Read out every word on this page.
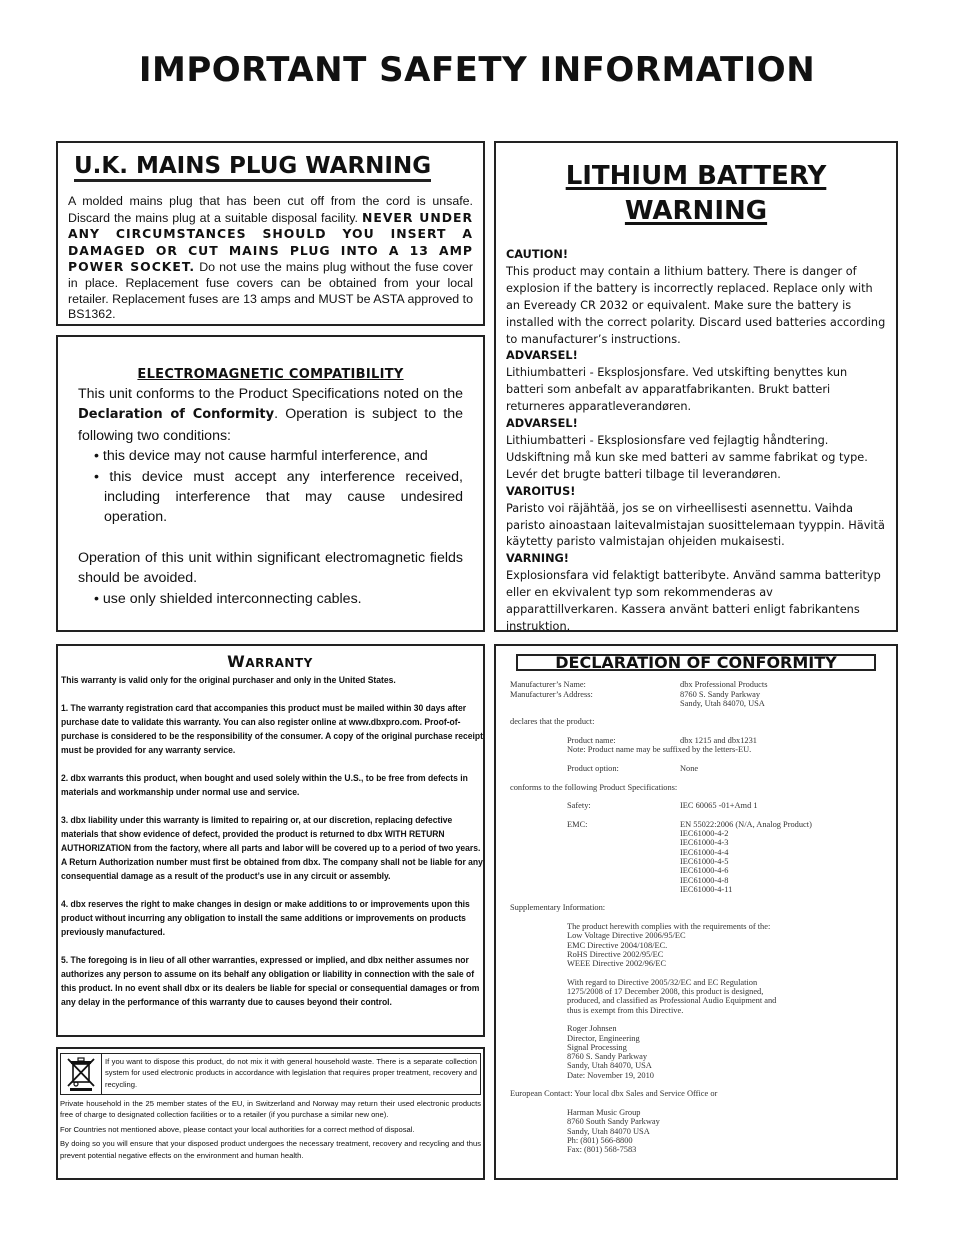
IMPORTANT SAFETY INFORMATION
U.K. MAINS PLUG WARNING
A molded mains plug that has been cut off from the cord is unsafe. Discard the mains plug at a suitable disposal facility. NEVER UNDER ANY CIRCUMSTANCES SHOULD YOU INSERT A DAMAGED OR CUT MAINS PLUG INTO A 13 AMP POWER SOCKET. Do not use the mains plug without the fuse cover in place. Replacement fuse covers can be obtained from your local retailer. Replacement fuses are 13 amps and MUST be ASTA approved to BS1362.
LITHIUM BATTERY WARNING
CAUTION!
This product may contain a lithium battery. There is danger of explosion if the battery is incorrectly replaced. Replace only with an Eveready CR 2032 or equivalent. Make sure the battery is installed with the correct polarity. Discard used batteries according to manufacturer’s instructions.
ADVARSEL!
Lithiumbatteri - Eksplosjonsfare. Ved utskifting benyttes kun batteri som anbefalt av apparatfabrikanten. Brukt batteri returneres apparatleverandøren.
ADVARSEL!
Lithiumbatteri - Eksplosionsfare ved fejlagtig håndtering. Udskiftning må kun ske med batteri av samme fabrikat og type. Levér det brugte batteri tilbage til leverandøren.
VAROITUS!
Paristo voi räjähtää, jos se on virheellisesti asennettu. Vaihda paristo ainoastaan laitevalmistajan suosittelemaan tyyppin. Hävitä käytetty paristo valmistajan ohjeiden mukaisesti.
VARNING!
Explosionsfara vid felaktigt batteribyte. Använd samma batterityp eller en ekvivalent typ som rekommenderas av apparattillverkaren. Kassera använt batteri enligt fabrikantens instruktion.
ELECTROMAGNETIC COMPATIBILITY
This unit conforms to the Product Specifications noted on the Declaration of Conformity. Operation is subject to the following two conditions:
• this device may not cause harmful interference, and
• this device must accept any interference received, including interference that may cause undesired operation.
Operation of this unit within significant electromagnetic fields should be avoided.
• use only shielded interconnecting cables.
WARRANTY

This warranty is valid only for the original purchaser and only in the United States.

1. The warranty registration card that accompanies this product must be mailed within 30 days after purchase date to validate this warranty. You can also register online at www.dbxpro.com. Proof-of-purchase is considered to be the responsibility of the consumer. A copy of the original purchase receipt must be provided for any warranty service.

2. dbx warrants this product, when bought and used solely within the U.S., to be free from defects in materials and workmanship under normal use and service.

3. dbx liability under this warranty is limited to repairing or, at our discretion, replacing defective materials that show evidence of defect, provided the product is returned to dbx WITH RETURN AUTHORIZATION from the factory, where all parts and labor will be covered up to a period of two years. A Return Authorization number must first be obtained from dbx. The company shall not be liable for any consequential damage as a result of the product’s use in any circuit or assembly.

4. dbx reserves the right to make changes in design or make additions to or improvements upon this product without incurring any obligation to install the same additions or improvements on products previously manufactured.

5. The foregoing is in lieu of all other warranties, expressed or implied, and dbx neither assumes nor authorizes any person to assume on its behalf any obligation or liability in connection with the sale of this product. In no event shall dbx or its dealers be liable for special or consequential damages or from any delay in the performance of this warranty due to causes beyond their control.

If you want to dispose this product, do not mix it with general household waste. There is a separate collection system for used electronic products in accordance with legislation that requires proper treatment, recovery and recycling.

Private household in the 25 member states of the EU, in Switzerland and Norway may return their used electronic products free of charge to designated collection facilities or to a retailer (if you purchase a similar new one).

For Countries not mentioned above, please contact your local authorities for a correct method of disposal.

By doing so you will ensure that your disposed product undergoes the necessary treatment, recovery and recycling and thus prevent potential negative effects on the environment and human health.

DECLARATION OF CONFORMITY
Manufacturer’s Name:	dbx Professional Products
Manufacturer’s Address:	8760 S. Sandy Parkway
Sandy, Utah 84070, USA
declares that the product:
Product name:	dbx 1215 and dbx1231
Note: Product name may be suffixed by the letters-EU.
Product option:	None
conforms to the following Product Specifications:
Safety:	IEC 60065 -01+Amd 1
EMC:	EN 55022:2006 (N/A, Analog Product)
IEC61000-4-2
IEC61000-4-3
IEC61000-4-4
IEC61000-4-5
IEC61000-4-6
IEC61000-4-8
IEC61000-4-11
Supplementary Information:
The product herewith complies with the requirements of the:
Low Voltage Directive 2006/95/EC
EMC Directive 2004/108/EC.
RoHS Directive 2002/95/EC
WEEE Directive 2002/96/EC
With regard to Directive 2005/32/EC and EC Regulation
1275/2008 of 17 December 2008, this product is designed,
produced, and classified as Professional Audio Equipment and
thus is exempt from this Directive.
Roger Johnsen
Director, Engineering
Signal Processing
8760 S. Sandy Parkway
Sandy, Utah 84070, USA
Date: November 19, 2010
European Contact: Your local dbx Sales and Service Office or
Harman Music Group
8760 South Sandy Parkway
Sandy, Utah 84070 USA
Ph: (801) 566-8800
Fax: (801) 568-7583
